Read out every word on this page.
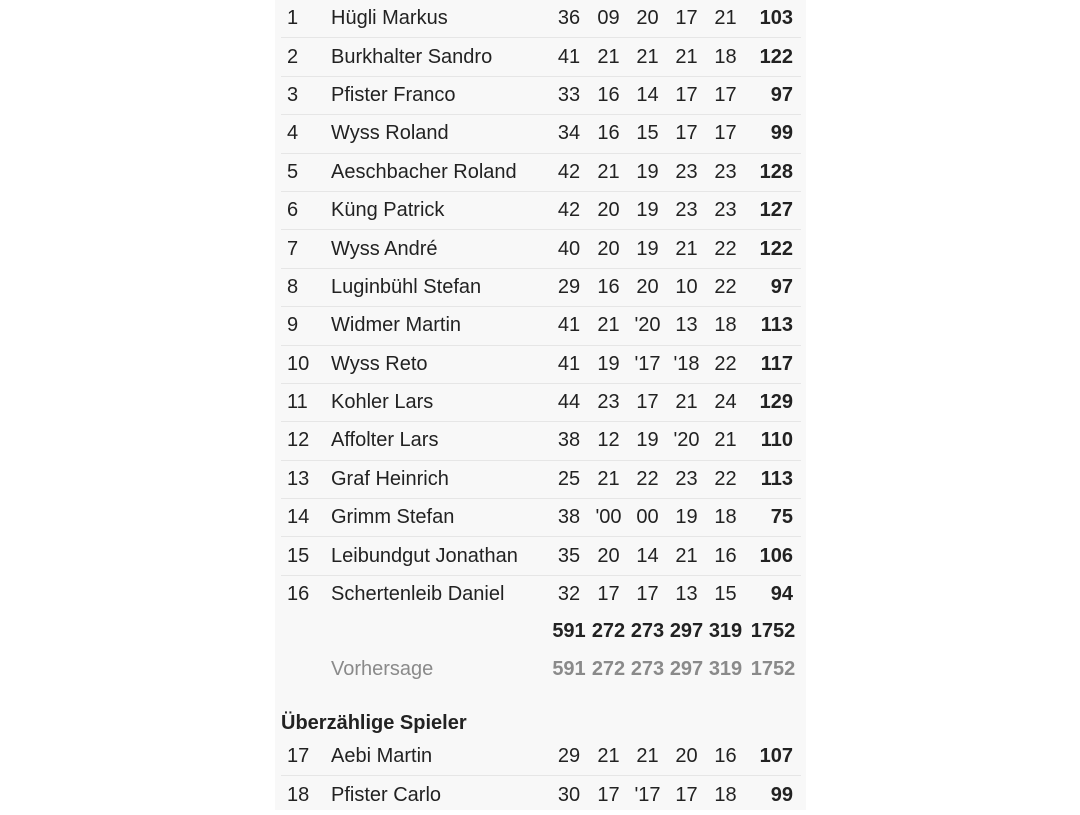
1	Hügli Markus	36	09	20	17	21	103
2	Burkhalter Sandro	41	21	21	21	18	122
3	Pfister Franco	33	16	14	17	17	97
4	Wyss Roland	34	16	15	17	17	99
5	Aeschbacher Roland	42	21	19	23	23	128
6	Küng Patrick	42	20	19	23	23	127
7	Wyss André	40	20	19	21	22	122
8	Luginbühl Stefan	29	16	20	10	22	97
9	Widmer Martin	41	21	'20	13	18	113
10	Wyss Reto	41	19	'17	'18	22	117
11	Kohler Lars	44	23	17	21	24	129
12	Affolter Lars	38	12	19	'20	21	110
13	Graf Heinrich	25	21	22	23	22	113
14	Grimm Stefan	38	'00	00	19	18	75
15	Leibundgut Jonathan	35	20	14	21	16	106
16	Schertenleib Daniel	32	17	17	13	15	94
591 272 273 297 319 1752
Vorhersage	591 272 273 297 319 1752
Überzählige Spieler
17	Aebi Martin	29	21	21	20	16	107
18	Pfister Carlo	30	17	'17	17	18	99
